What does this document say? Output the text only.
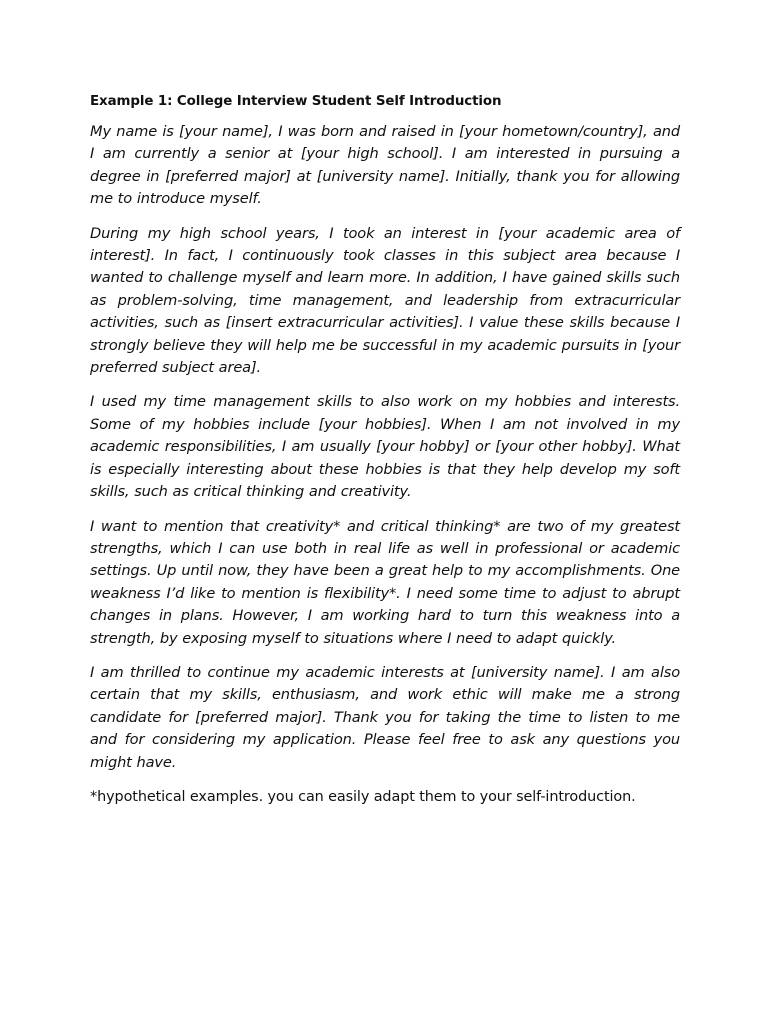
Example 1: College Interview Student Self Introduction

My name is [your name], I was born and raised in [your hometown/country], and I am currently a senior at [your high school]. I am interested in pursuing a degree in [preferred major] at [university name]. Initially, thank you for allowing me to introduce myself.

During my high school years, I took an interest in [your academic area of interest]. In fact, I continuously took classes in this subject area because I wanted to challenge myself and learn more. In addition, I have gained skills such as problem-solving, time management, and leadership from extracurricular activities, such as [insert extracurricular activities]. I value these skills because I strongly believe they will help me be successful in my academic pursuits in [your preferred subject area].

I used my time management skills to also work on my hobbies and interests. Some of my hobbies include [your hobbies]. When I am not involved in my academic responsibilities, I am usually [your hobby] or [your other hobby]. What is especially interesting about these hobbies is that they help develop my soft skills, such as critical thinking and creativity.

I want to mention that creativity* and critical thinking* are two of my greatest strengths, which I can use both in real life as well in professional or academic settings. Up until now, they have been a great help to my accomplishments. One weakness I’d like to mention is flexibility*. I need some time to adjust to abrupt changes in plans. However, I am working hard to turn this weakness into a strength, by exposing myself to situations where I need to adapt quickly.

I am thrilled to continue my academic interests at [university name]. I am also certain that my skills, enthusiasm, and work ethic will make me a strong candidate for [preferred major]. Thank you for taking the time to listen to me and for considering my application. Please feel free to ask any questions you might have.

*hypothetical examples. you can easily adapt them to your self-introduction.
